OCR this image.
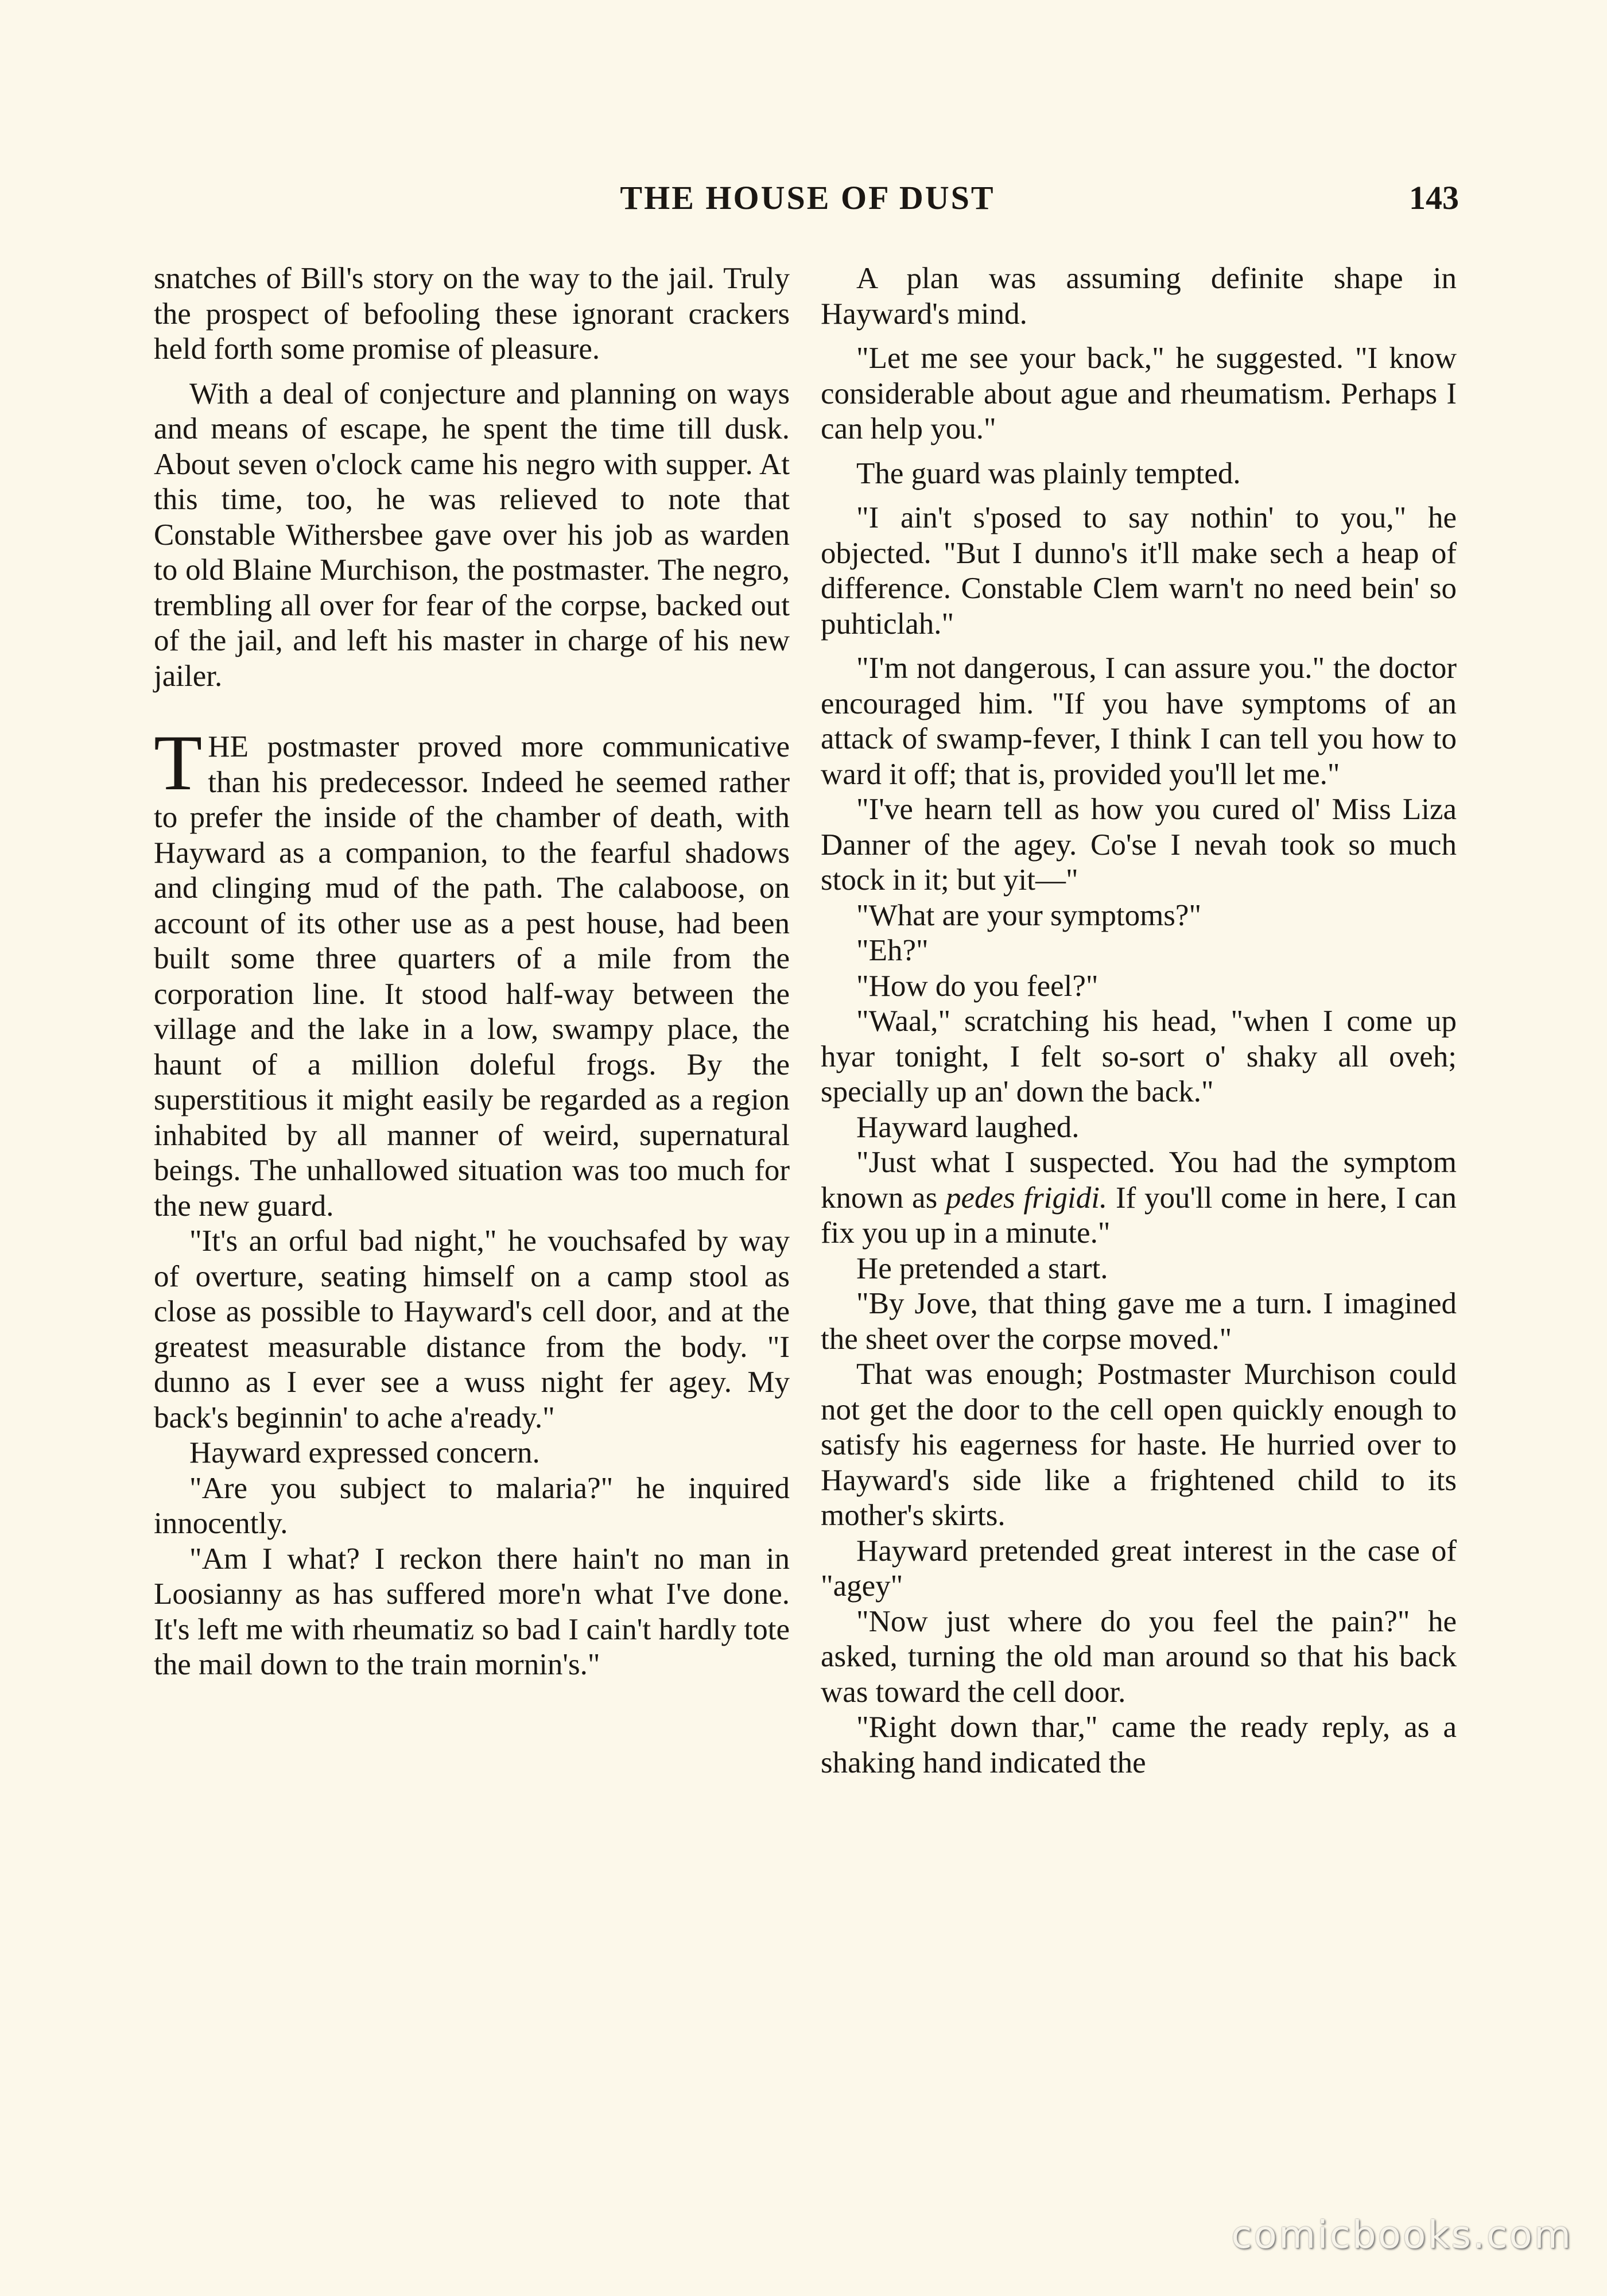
THE HOUSE OF DUST	143

snatches of Bill's story on the way to the jail. Truly the prospect of befooling these ignorant crackers held forth some promise of pleasure.

With a deal of conjecture and planning on ways and means of escape, he spent the time till dusk. About seven o'clock came his negro with supper. At this time, too, he was relieved to note that Constable Withersbee gave over his job as warden to old Blaine Murchison, the postmaster. The negro, trembling all over for fear of the corpse, backed out of the jail, and left his master in charge of his new jailer.

THE postmaster proved more communicative than his predecessor. Indeed he seemed rather to prefer the inside of the chamber of death, with Hayward as a companion, to the fearful shadows and clinging mud of the path. The calaboose, on account of its other use as a pest house, had been built some three quarters of a mile from the corporation line. It stood half-way between the village and the lake in a low, swampy place, the haunt of a million doleful frogs. By the superstitious it might easily be regarded as a region inhabited by all manner of weird, supernatural beings. The unhallowed situation was too much for the new guard.

"It's an orful bad night," he vouchsafed by way of overture, seating himself on a camp stool as close as possible to Hayward's cell door, and at the greatest measurable distance from the body. "I dunno as I ever see a wuss night fer agey. My back's beginnin' to ache a'ready."

Hayward expressed concern.

"Are you subject to malaria?" he inquired innocently.

"Am I what? I reckon there hain't no man in Loosianny as has suffered more'n what I've done. It's left me with rheumatiz so bad I cain't hardly tote the mail down to the train mornin's."

A plan was assuming definite shape in Hayward's mind.

"Let me see your back," he suggested. "I know considerable about ague and rheumatism. Perhaps I can help you."

The guard was plainly tempted.

"I ain't s'posed to say nothin' to you," he objected. "But I dunno's it'll make sech a heap of difference. Constable Clem warn't no need bein' so puhticlah."

"I'm not dangerous, I can assure you." the doctor encouraged him. "If you have symptoms of an attack of swamp-fever, I think I can tell you how to ward it off; that is, provided you'll let me."

"I've hearn tell as how you cured ol' Miss Liza Danner of the agey. Co'se I nevah took so much stock in it; but yit—"

"What are your symptoms?"

"Eh?"

"How do you feel?"

"Waal," scratching his head, "when I come up hyar tonight, I felt so-sort o' shaky all oveh; specially up an' down the back."

Hayward laughed.

"Just what I suspected. You had the symptom known as pedes frigidi. If you'll come in here, I can fix you up in a minute."

He pretended a start.

"By Jove, that thing gave me a turn. I imagined the sheet over the corpse moved."

That was enough; Postmaster Murchison could not get the door to the cell open quickly enough to satisfy his eagerness for haste. He hurried over to Hayward's side like a frightened child to its mother's skirts.

Hayward pretended great interest in the case of "agey"

"Now just where do you feel the pain?" he asked, turning the old man around so that his back was toward the cell door.

"Right down thar," came the ready reply, as a shaking hand indicated the

comicbooks.com
